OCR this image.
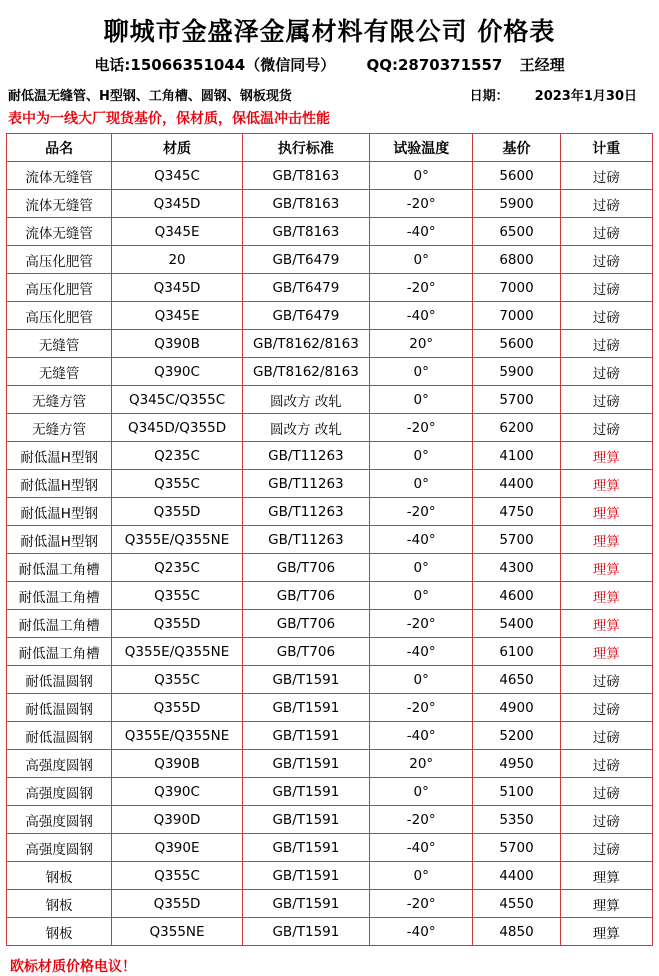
聊城市金盛泽金属材料有限公司 价格表
电话:15066351044（微信同号） QQ:2870371557 王经理
耐低温无缝管、H型钢、工角槽、圆钢、钢板现货	日期： 2023年1月30日
表中为一线大厂现货基价，保材质，保低温冲击性能
品名	材质	执行标准	试验温度	基价	计重
流体无缝管	Q345C	GB/T8163	0°	5600	过磅
流体无缝管	Q345D	GB/T8163	-20°	5900	过磅
流体无缝管	Q345E	GB/T8163	-40°	6500	过磅
高压化肥管	20	GB/T6479	0°	6800	过磅
高压化肥管	Q345D	GB/T6479	-20°	7000	过磅
高压化肥管	Q345E	GB/T6479	-40°	7000	过磅
无缝管	Q390B	GB/T8162/8163	20°	5600	过磅
无缝管	Q390C	GB/T8162/8163	0°	5900	过磅
无缝方管	Q345C/Q355C	圆改方 改轧	0°	5700	过磅
无缝方管	Q345D/Q355D	圆改方 改轧	-20°	6200	过磅
耐低温H型钢	Q235C	GB/T11263	0°	4100	理算
耐低温H型钢	Q355C	GB/T11263	0°	4400	理算
耐低温H型钢	Q355D	GB/T11263	-20°	4750	理算
耐低温H型钢	Q355E/Q355NE	GB/T11263	-40°	5700	理算
耐低温工角槽	Q235C	GB/T706	0°	4300	理算
耐低温工角槽	Q355C	GB/T706	0°	4600	理算
耐低温工角槽	Q355D	GB/T706	-20°	5400	理算
耐低温工角槽	Q355E/Q355NE	GB/T706	-40°	6100	理算
耐低温圆钢	Q355C	GB/T1591	0°	4650	过磅
耐低温圆钢	Q355D	GB/T1591	-20°	4900	过磅
耐低温圆钢	Q355E/Q355NE	GB/T1591	-40°	5200	过磅
高强度圆钢	Q390B	GB/T1591	20°	4950	过磅
高强度圆钢	Q390C	GB/T1591	0°	5100	过磅
高强度圆钢	Q390D	GB/T1591	-20°	5350	过磅
高强度圆钢	Q390E	GB/T1591	-40°	5700	过磅
钢板	Q355C	GB/T1591	0°	4400	理算
钢板	Q355D	GB/T1591	-20°	4550	理算
钢板	Q355NE	GB/T1591	-40°	4850	理算
欧标材质价格电议！
